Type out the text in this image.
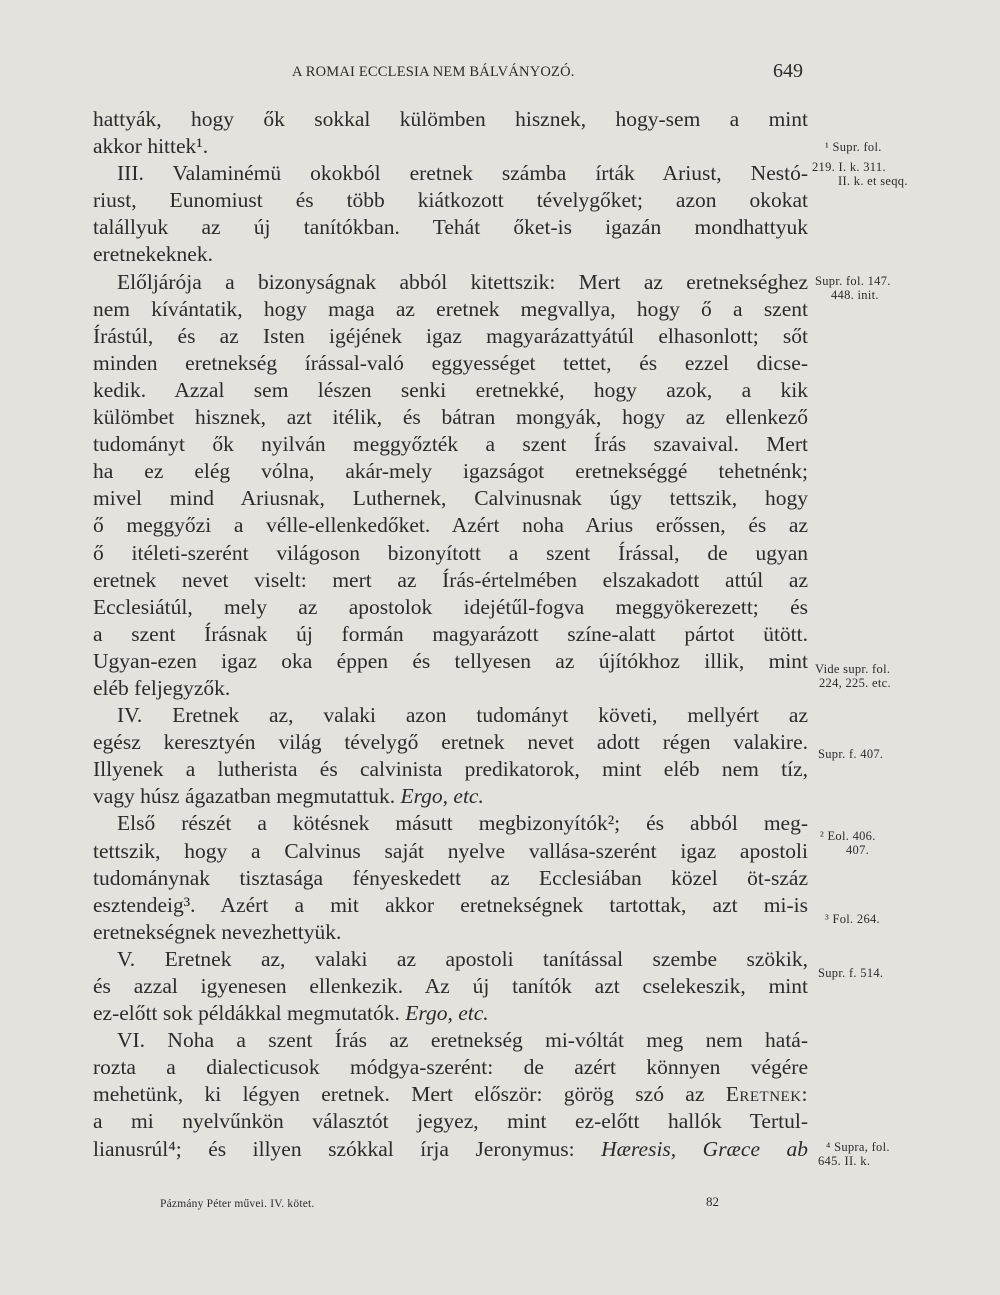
A ROMAI ECCLESIA NEM BÁLVÁNYOZÓ.	649
hattyák, hogy ők sokkal külömben hisznek, hogy-sem a mint
akkor hittek¹.
III. Valaminémü okokból eretnek számba írták Ariust, Nestó-
riust, Eunomiust és több kiátkozott tévelygőket; azon okokat
talállyuk az új tanítókban. Tehát őket-is igazán mondhattyuk
eretnekeknek.
Előljárója a bizonyságnak abból kitettszik: Mert az eretnekséghez
nem kívántatik, hogy maga az eretnek megvallya, hogy ő a szent
Írástúl, és az Isten igéjének igaz magyarázattyátúl elhasonlott; sőt
minden eretnekség írással-való eggyességet tettet, és ezzel dicse-
kedik. Azzal sem lészen senki eretnekké, hogy azok, a kik
külömbet hisznek, azt itélik, és bátran mongyák, hogy az ellenkező
tudományt ők nyilván meggyőzték a szent Írás szavaival. Mert
ha ez elég vólna, akár-mely igazságot eretnekséggé tehetnénk;
mivel mind Ariusnak, Luthernek, Calvinusnak úgy tettszik, hogy
ő meggyőzi a vélle-ellenkedőket. Azért noha Arius erőssen, és az
ő itéleti-szerént világoson bizonyított a szent Írással, de ugyan
eretnek nevet viselt: mert az Írás-értelmében elszakadott attúl az
Ecclesiátúl, mely az apostolok idejétűl-fogva meggyökerezett; és
a szent Írásnak új formán magyarázott színe-alatt pártot ütött.
Ugyan-ezen igaz oka éppen és tellyesen az újítókhoz illik, mint
eléb feljegyzők.
IV. Eretnek az, valaki azon tudományt követi, mellyért az
egész keresztyén világ tévelygő eretnek nevet adott régen valakire.
Illyenek a lutherista és calvinista predikatorok, mint eléb nem tíz,
vagy húsz ágazatban megmutattuk. Ergo, etc.
Első részét a kötésnek másutt megbizonyítók²; és abból meg-
tettszik, hogy a Calvinus saját nyelve vallása-szerént igaz apostoli
tudománynak tisztasága fényeskedett az Ecclesiában közel öt-száz
esztendeig³. Azért a mit akkor eretnekségnek tartottak, azt mi-is
eretnekségnek nevezhettyük.
V. Eretnek az, valaki az apostoli tanítással szembe szökik,
és azzal igyenesen ellenkezik. Az új tanítók azt cselekeszik, mint
ez-előtt sok példákkal megmutatók. Ergo, etc.
VI. Noha a szent Írás az eretnekség mi-vóltát meg nem hatá-
rozta a dialecticusok módgya-szerént: de azért könnyen végére
mehetünk, ki légyen eretnek. Mert először: görög szó az Eretnek:
a mi nyelvűnkön választót jegyez, mint ez-előtt hallók Tertul-
lianusrúl⁴; és illyen szókkal írja Jeronymus: Hæresis, Græce ab
¹ Supr. fol.
219. I. k. 311.
II. k. et seqq.
Supr. fol. 147.
448. init.
Vide supr. fol.
224, 225. etc.
Supr. f. 407.
² Eol. 406.
407.
³ Fol. 264.
Supr. f. 514.
⁴ Supra, fol.
645. II. k.
Pázmány Péter művei. IV. kötet.	82
